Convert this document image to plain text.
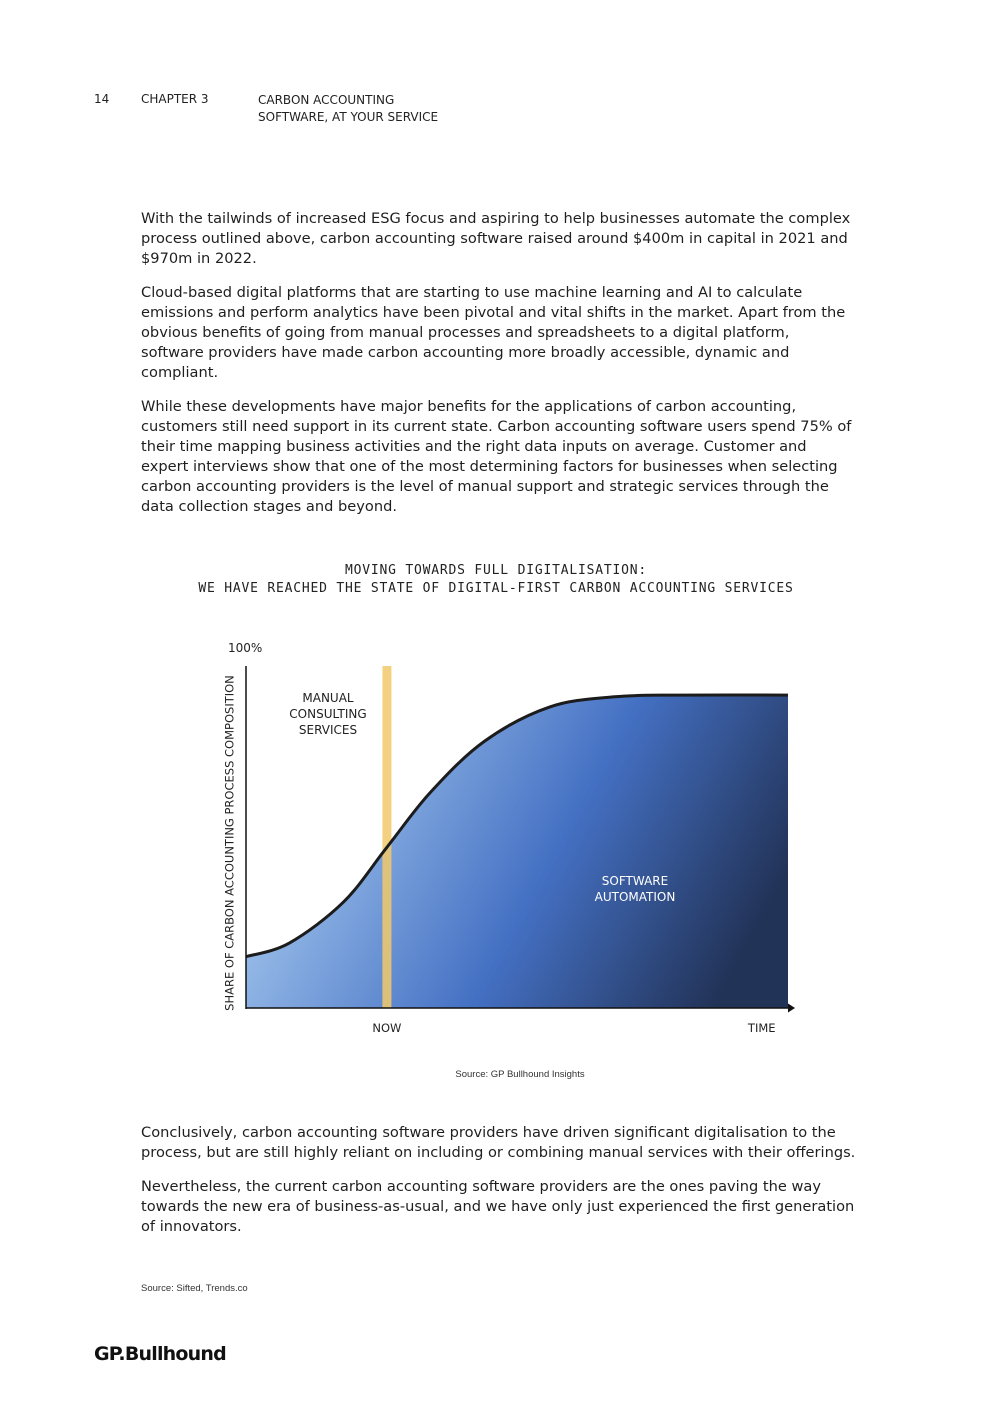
14	CHAPTER 3	CARBON ACCOUNTING
SOFTWARE, AT YOUR SERVICE

With the tailwinds of increased ESG focus and aspiring to help businesses automate the complex process outlined above, carbon accounting software raised around $400m in capital in 2021 and $970m in 2022.

Cloud-based digital platforms that are starting to use machine learning and AI to calculate emissions and perform analytics have been pivotal and vital shifts in the market. Apart from the obvious benefits of going from manual processes and spreadsheets to a digital platform, software providers have made carbon accounting more broadly accessible, dynamic and compliant.

While these developments have major benefits for the applications of carbon accounting, customers still need support in its current state. Carbon accounting software users spend 75% of their time mapping business activities and the right data inputs on average. Customer and expert interviews show that one of the most determining factors for businesses when selecting carbon accounting providers is the level of manual support and strategic services through the data collection stages and beyond.

MOVING TOWARDS FULL DIGITALISATION:
WE HAVE REACHED THE STATE OF DIGITAL-FIRST CARBON ACCOUNTING SERVICES
100%
SHARE OF CARBON ACCOUNTING PROCESS COMPOSITION
NOW	TIME
MANUAL
CONSULTING
SERVICES
SOFTWARE
AUTOMATION
Source: GP Bullhound Insights

Conclusively, carbon accounting software providers have driven significant digitalisation to the process, but are still highly reliant on including or combining manual services with their offerings.

Nevertheless, the current carbon accounting software providers are the ones paving the way towards the new era of business-as-usual, and we have only just experienced the first generation of innovators.

Source: Sifted, Trends.co
GP.Bullhound
